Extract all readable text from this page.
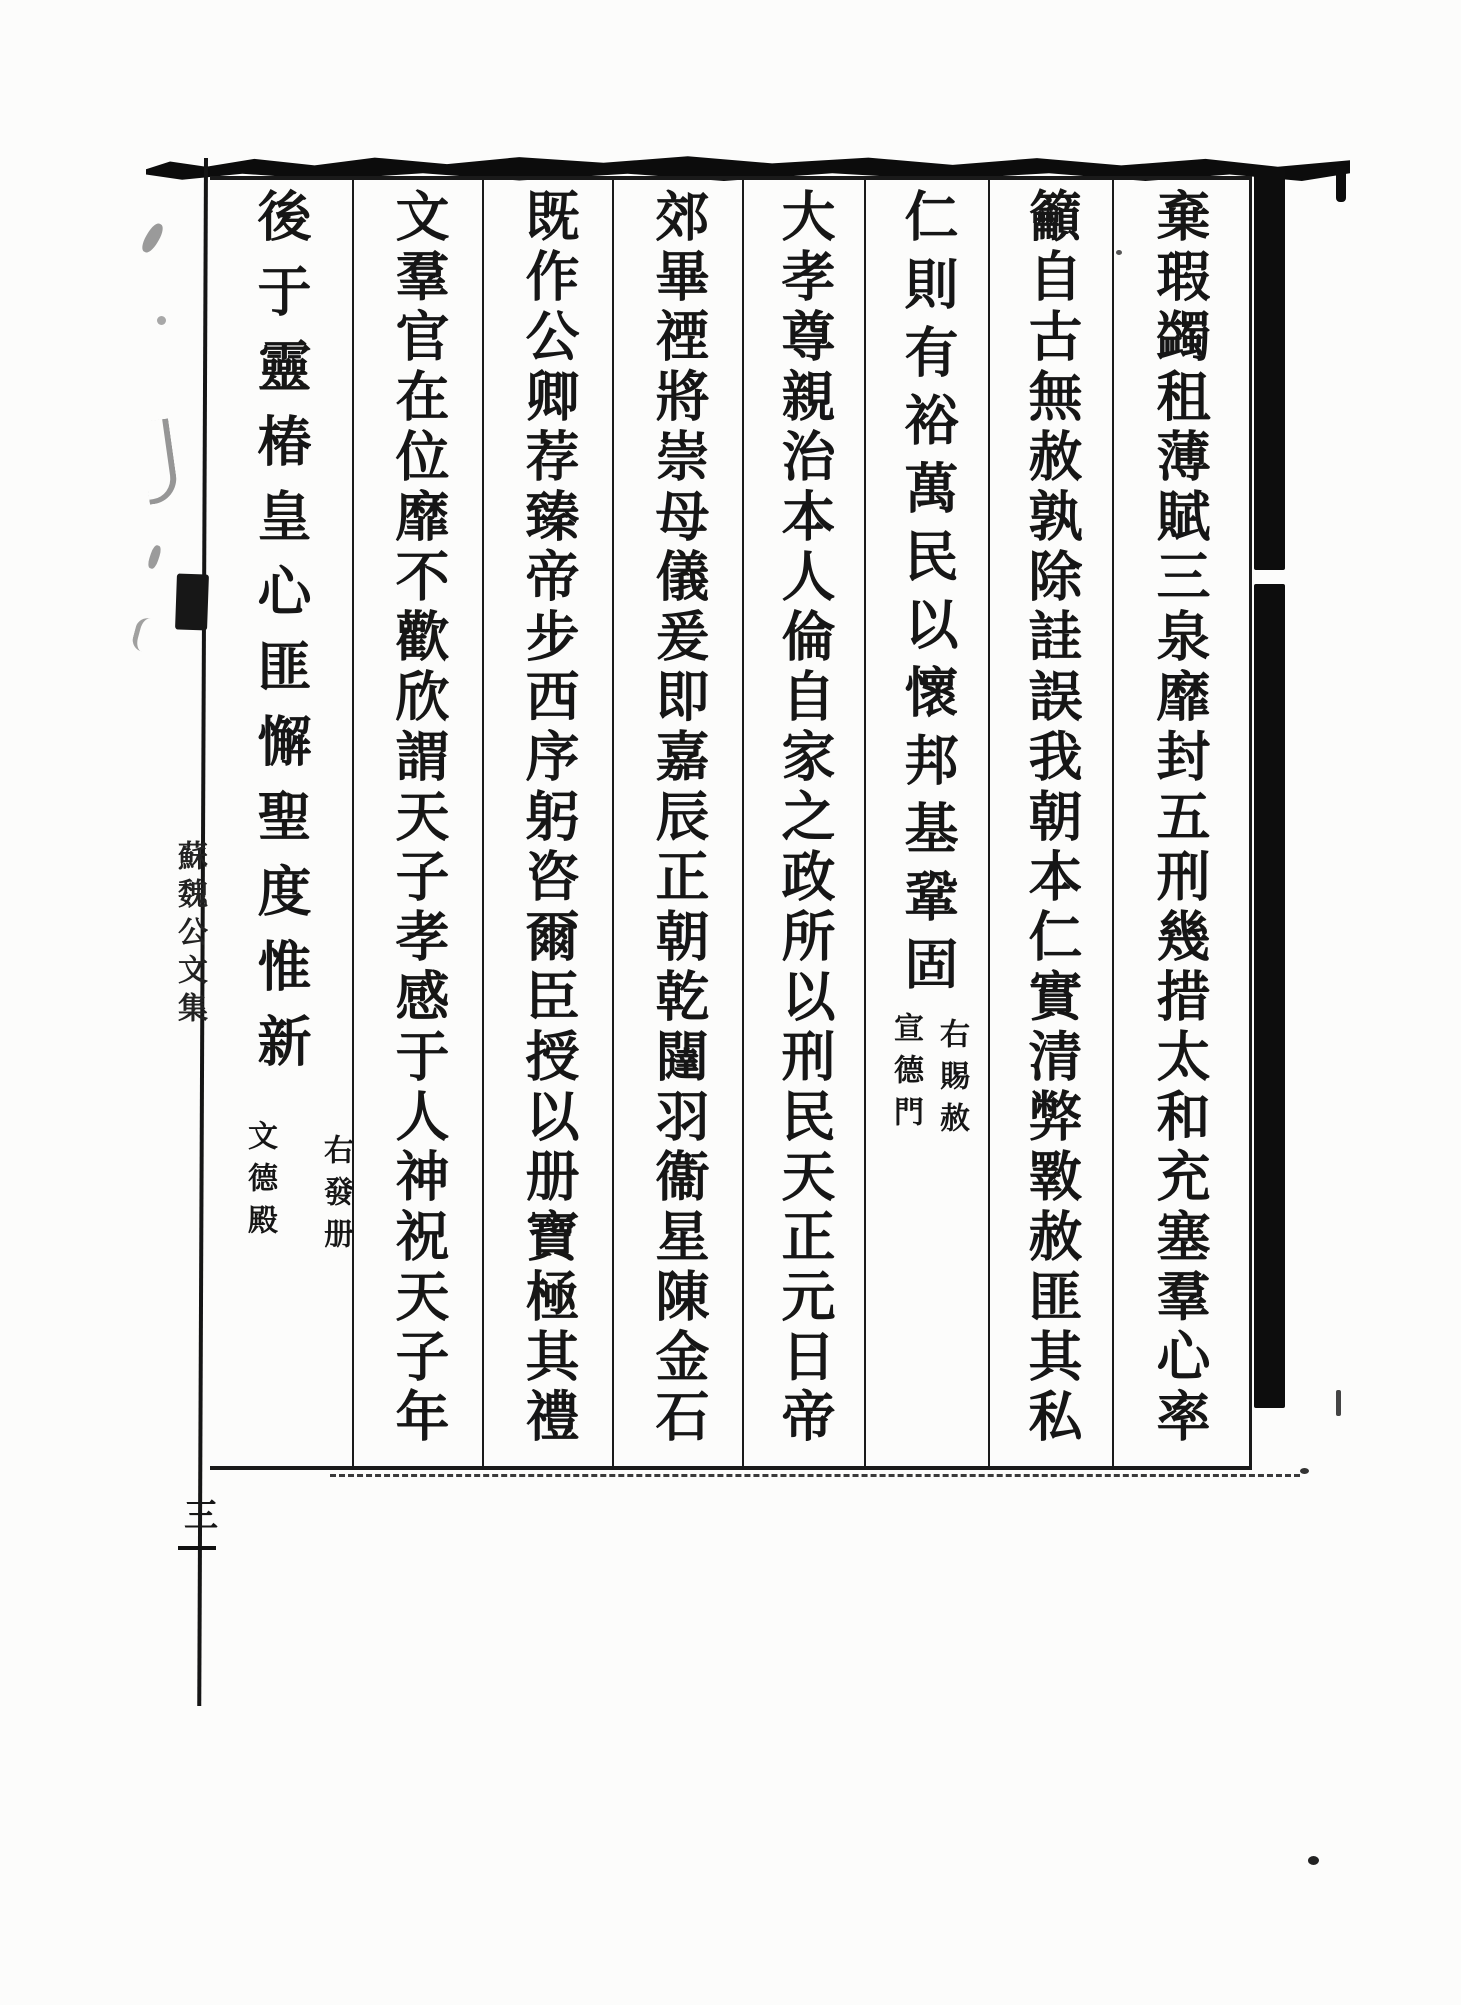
蘇魏公文集
三
棄瑕蠲租薄賦三泉靡封五刑幾措太和充塞羣心率
籲自古無赦孰除詿誤我朝本仁實清弊斁赦匪其私
仁則有裕萬民以懷邦基鞏固
右賜赦
宣德門
大孝尊親治本人倫自家之政所以刑民天正元日帝
郊畢禋將崇母儀爰即嘉辰正朝乾闥羽衞星陳金石
既作公卿荐臻帝步西序躬咨爾臣授以册寶極其禮
文羣官在位靡不歡欣謂天子孝感于人神祝天子年
後于靈椿皇心匪懈聖度惟新
右發册
文德殿
